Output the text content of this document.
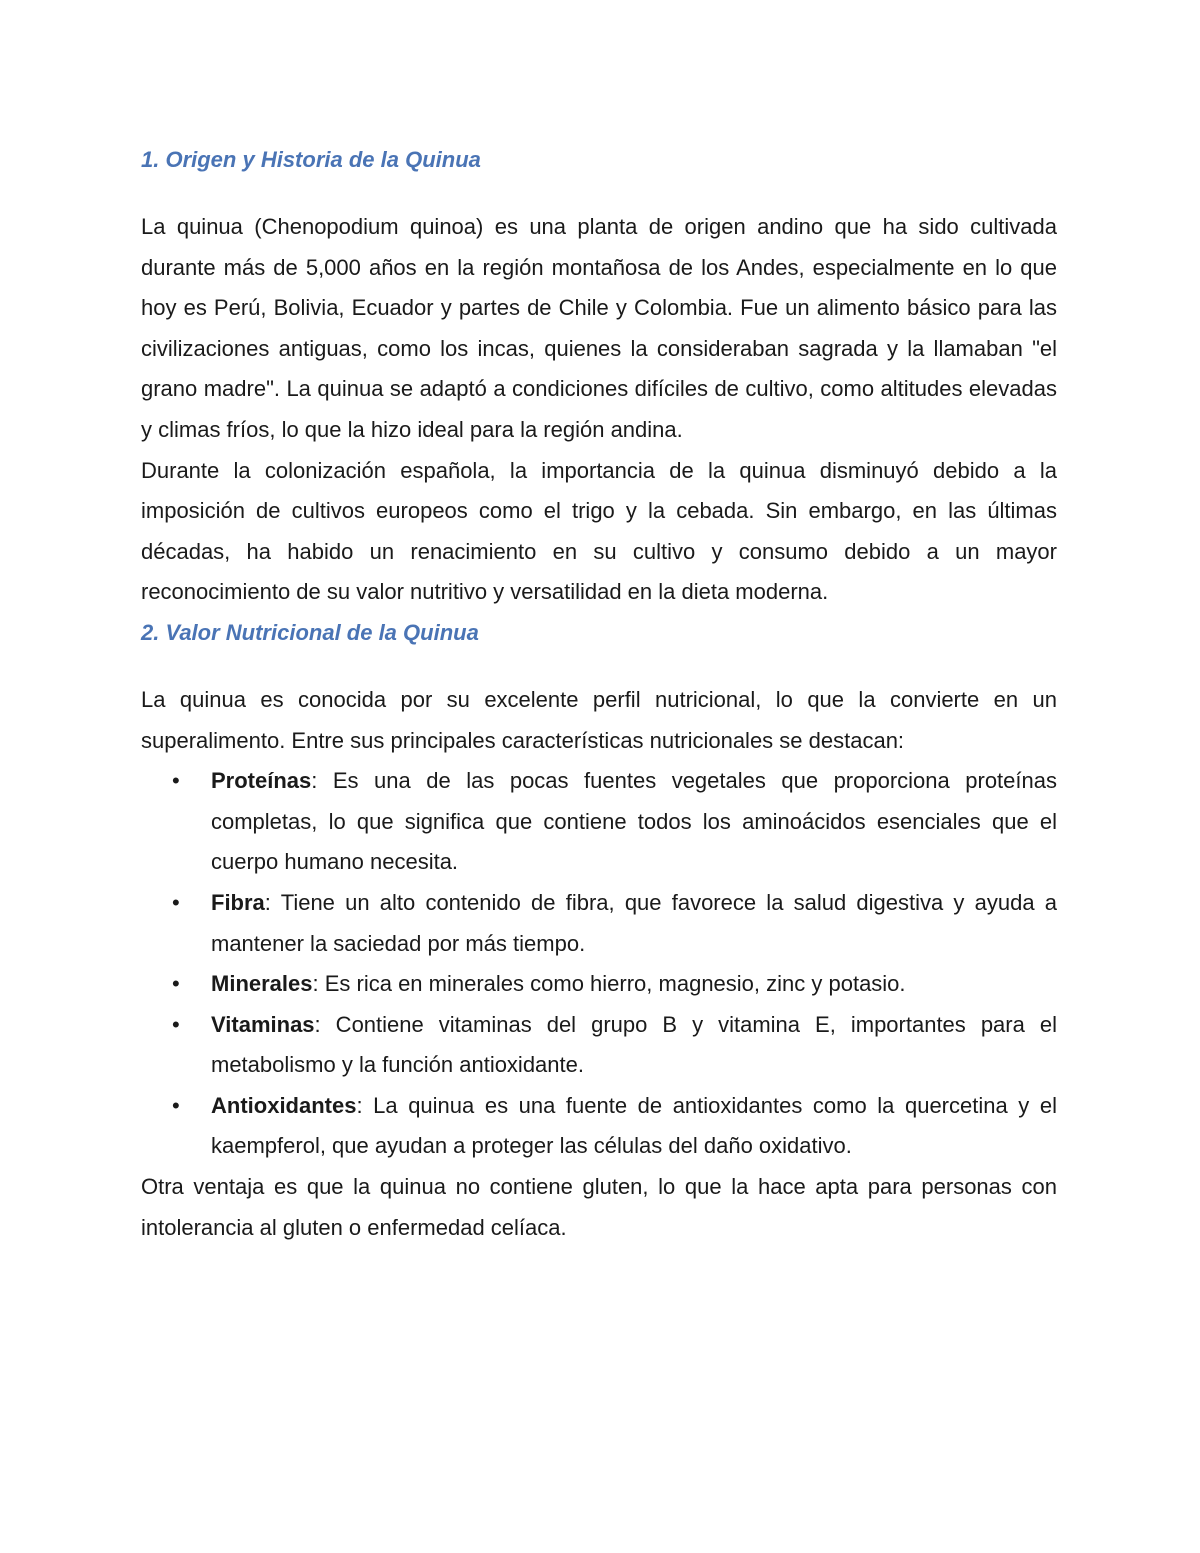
1. Origen y Historia de la Quinua

La quinua (Chenopodium quinoa) es una planta de origen andino que ha sido cultivada durante más de 5,000 años en la región montañosa de los Andes, especialmente en lo que hoy es Perú, Bolivia, Ecuador y partes de Chile y Colombia. Fue un alimento básico para las civilizaciones antiguas, como los incas, quienes la consideraban sagrada y la llamaban "el grano madre". La quinua se adaptó a condiciones difíciles de cultivo, como altitudes elevadas y climas fríos, lo que la hizo ideal para la región andina.

Durante la colonización española, la importancia de la quinua disminuyó debido a la imposición de cultivos europeos como el trigo y la cebada. Sin embargo, en las últimas décadas, ha habido un renacimiento en su cultivo y consumo debido a un mayor reconocimiento de su valor nutritivo y versatilidad en la dieta moderna.

2. Valor Nutricional de la Quinua

La quinua es conocida por su excelente perfil nutricional, lo que la convierte en un superalimento. Entre sus principales características nutricionales se destacan:

• Proteínas: Es una de las pocas fuentes vegetales que proporciona proteínas completas, lo que significa que contiene todos los aminoácidos esenciales que el cuerpo humano necesita.
• Fibra: Tiene un alto contenido de fibra, que favorece la salud digestiva y ayuda a mantener la saciedad por más tiempo.
• Minerales: Es rica en minerales como hierro, magnesio, zinc y potasio.
• Vitaminas: Contiene vitaminas del grupo B y vitamina E, importantes para el metabolismo y la función antioxidante.
• Antioxidantes: La quinua es una fuente de antioxidantes como la quercetina y el kaempferol, que ayudan a proteger las células del daño oxidativo.

Otra ventaja es que la quinua no contiene gluten, lo que la hace apta para personas con intolerancia al gluten o enfermedad celíaca.
